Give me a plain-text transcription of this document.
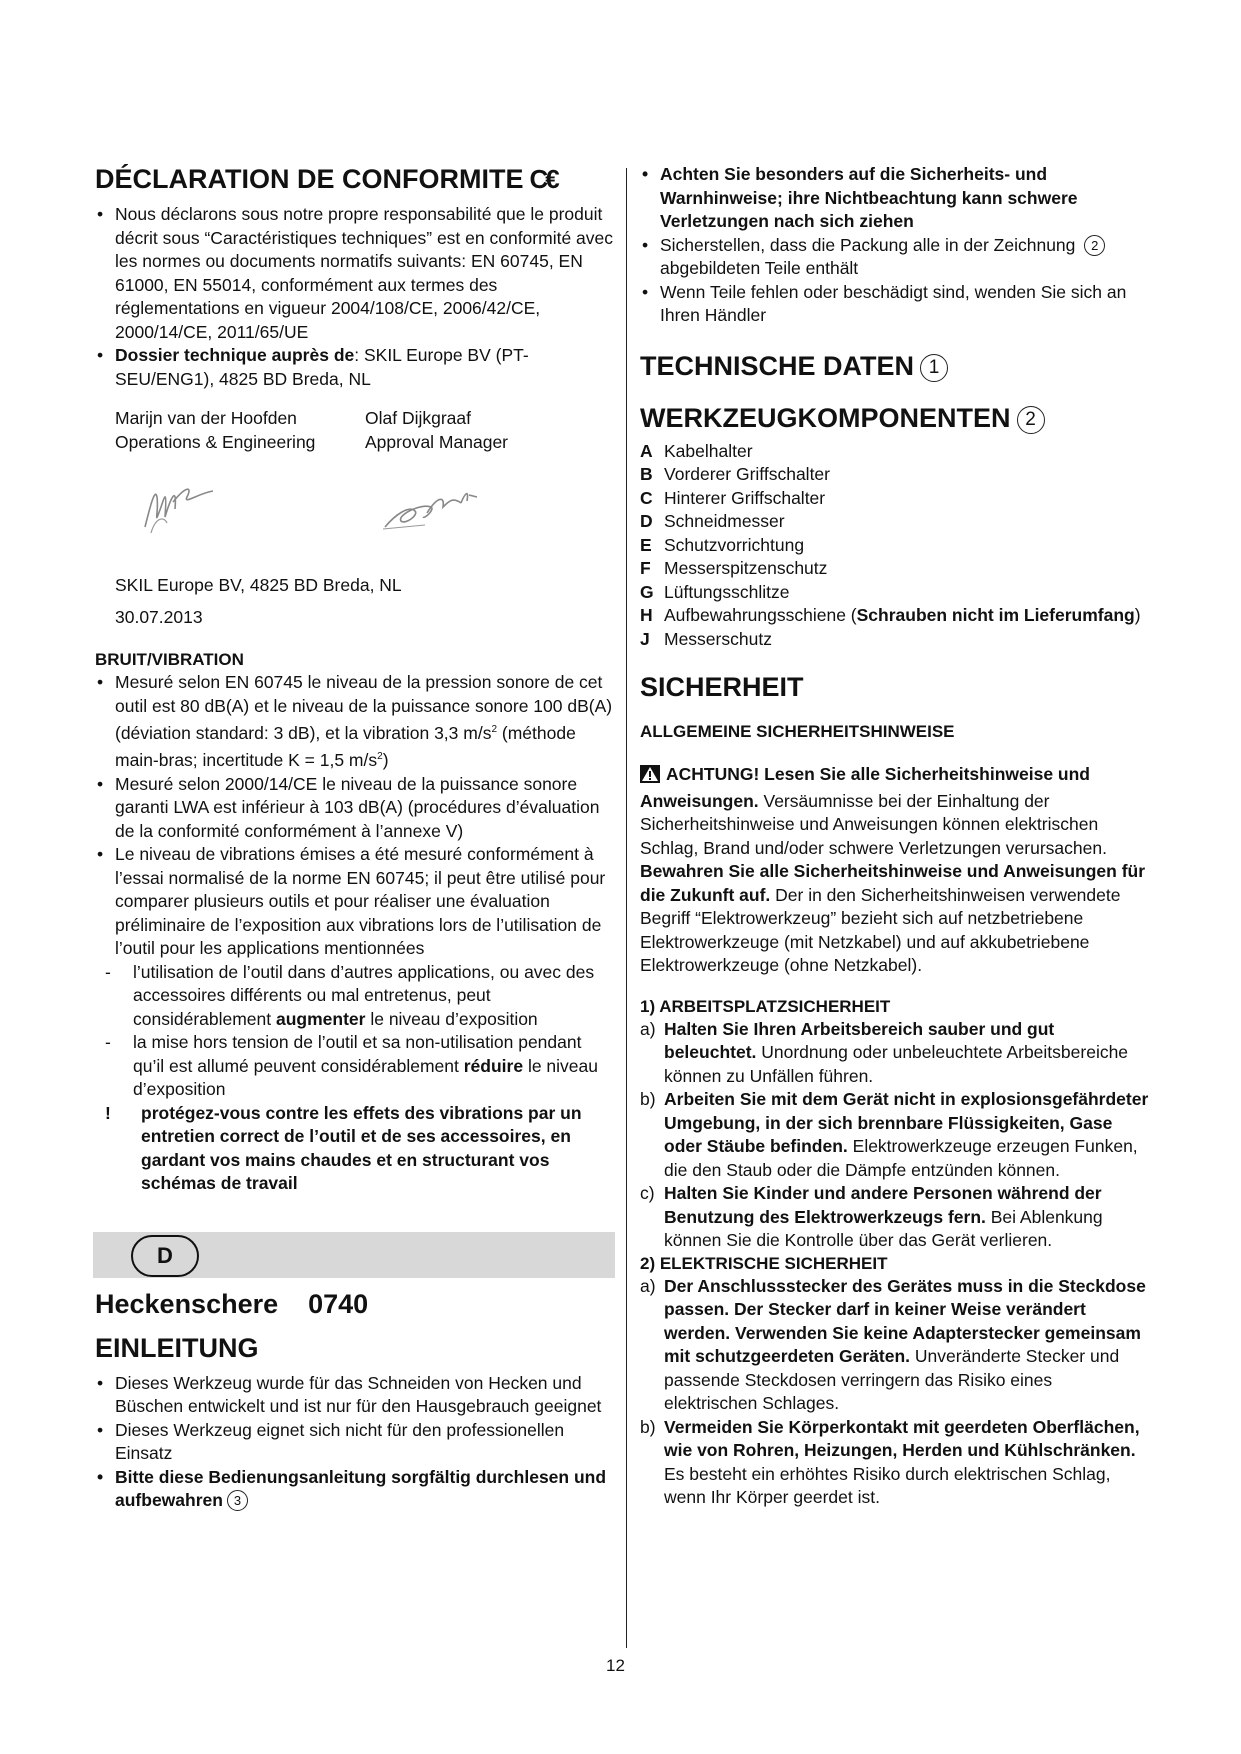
DÉCLARATION DE CONFORMITE C€
• Nous déclarons sous notre propre responsabilité que le produit décrit sous “Caractéristiques techniques” est en conformité avec les normes ou documents normatifs suivants: EN 60745, EN 61000, EN 55014, conformément aux termes des réglementations en vigueur 2004/108/CE, 2006/42/CE, 2000/14/CE, 2011/65/UE
• Dossier technique auprès de: SKIL Europe BV (PT-SEU/ENG1), 4825 BD Breda, NL

Marijn van der Hoofden

Operations & Engineering

Olaf Dijkgraaf

Approval Manager

SKIL Europe BV, 4825 BD Breda, NL

30.07.2013

BRUIT/VIBRATION
• Mesuré selon EN 60745 le niveau de la pression sonore de cet outil est 80 dB(A) et le niveau de la puissance sonore 100 dB(A) (déviation standard: 3 dB), et la vibration 3,3 $m/s^2$ (méthode main-bras; incertitude K = 1,5 $m/s^2$)
• Mesuré selon 2000/14/CE le niveau de la puissance sonore garanti LWA est inférieur à 103 dB(A) (procédures d’évaluation de la conformité conformément à l’annexe V)
• Le niveau de vibrations émises a été mesuré conformément à l’essai normalisé de la norme EN 60745; il peut être utilisé pour comparer plusieurs outils et pour réaliser une évaluation préliminaire de l’exposition aux vibrations lors de l’utilisation de l’outil pour les applications mentionnées
- l’utilisation de l’outil dans d’autres applications, ou avec des accessoires différents ou mal entretenus, peut considérablement augmenter le niveau d’exposition
- la mise hors tension de l’outil et sa non-utilisation pendant qu’il est allumé peuvent considérablement réduire le niveau d’exposition
! protégez-vous contre les effets des vibrations par un entretien correct de l’outil et de ses accessoires, en gardant vos mains chaudes et en structurant vos schémas de travail
D
Heckenschere    0740
EINLEITUNG
• Dieses Werkzeug wurde für das Schneiden von Hecken und Büschen entwickelt und ist nur für den Hausgebrauch geeignet
• Dieses Werkzeug eignet sich nicht für den professionellen Einsatz
• Bitte diese Bedienungsanleitung sorgfältig durchlesen und aufbewahren 3
• Achten Sie besonders auf die Sicherheits- und Warnhinweise; ihre Nichtbeachtung kann schwere Verletzungen nach sich ziehen
• Sicherstellen, dass die Packung alle in der Zeichnung 2 abgebildeten Teile enthält
• Wenn Teile fehlen oder beschädigt sind, wenden Sie sich an Ihren Händler
TECHNISCHE DATEN 1
WERKZEUGKOMPONENTEN 2
A Kabelhalter
B Vorderer Griffschalter
C Hinterer Griffschalter
D Schneidmesser
E Schutzvorrichtung
F Messerspitzenschutz
G Lüftungsschlitze
H Aufbewahrungsschiene (Schrauben nicht im Lieferumfang)
J Messerschutz
SICHERHEIT
ALLGEMEINE SICHERHEITSHINWEISE

ACHTUNG! Lesen Sie alle Sicherheitshinweise und Anweisungen. Versäumnisse bei der Einhaltung der Sicherheitshinweise und Anweisungen können elektrischen Schlag, Brand und/oder schwere Verletzungen verursachen. Bewahren Sie alle Sicherheitshinweise und Anweisungen für die Zukunft auf. Der in den Sicherheitshinweisen verwendete Begriff “Elektrowerkzeug” bezieht sich auf netzbetriebene Elektrowerkzeuge (mit Netzkabel) und auf akkubetriebene Elektrowerkzeuge (ohne Netzkabel).

1) ARBEITSPLATZSICHERHEIT
a) Halten Sie Ihren Arbeitsbereich sauber und gut beleuchtet. Unordnung oder unbeleuchtete Arbeitsbereiche können zu Unfällen führen.
b) Arbeiten Sie mit dem Gerät nicht in explosionsgefährdeter Umgebung, in der sich brennbare Flüssigkeiten, Gase oder Stäube befinden. Elektrowerkzeuge erzeugen Funken, die den Staub oder die Dämpfe entzünden können.
c) Halten Sie Kinder und andere Personen während der Benutzung des Elektrowerkzeugs fern. Bei Ablenkung können Sie die Kontrolle über das Gerät verlieren.
2) ELEKTRISCHE SICHERHEIT
a) Der Anschlussstecker des Gerätes muss in die Steckdose passen. Der Stecker darf in keiner Weise verändert werden. Verwenden Sie keine Adapterstecker gemeinsam mit schutzgeerdeten Geräten. Unveränderte Stecker und passende Steckdosen verringern das Risiko eines elektrischen Schlages.
b) Vermeiden Sie Körperkontakt mit geerdeten Oberflächen, wie von Rohren, Heizungen, Herden und Kühlschränken. Es besteht ein erhöhtes Risiko durch elektrischen Schlag, wenn Ihr Körper geerdet ist.
12
